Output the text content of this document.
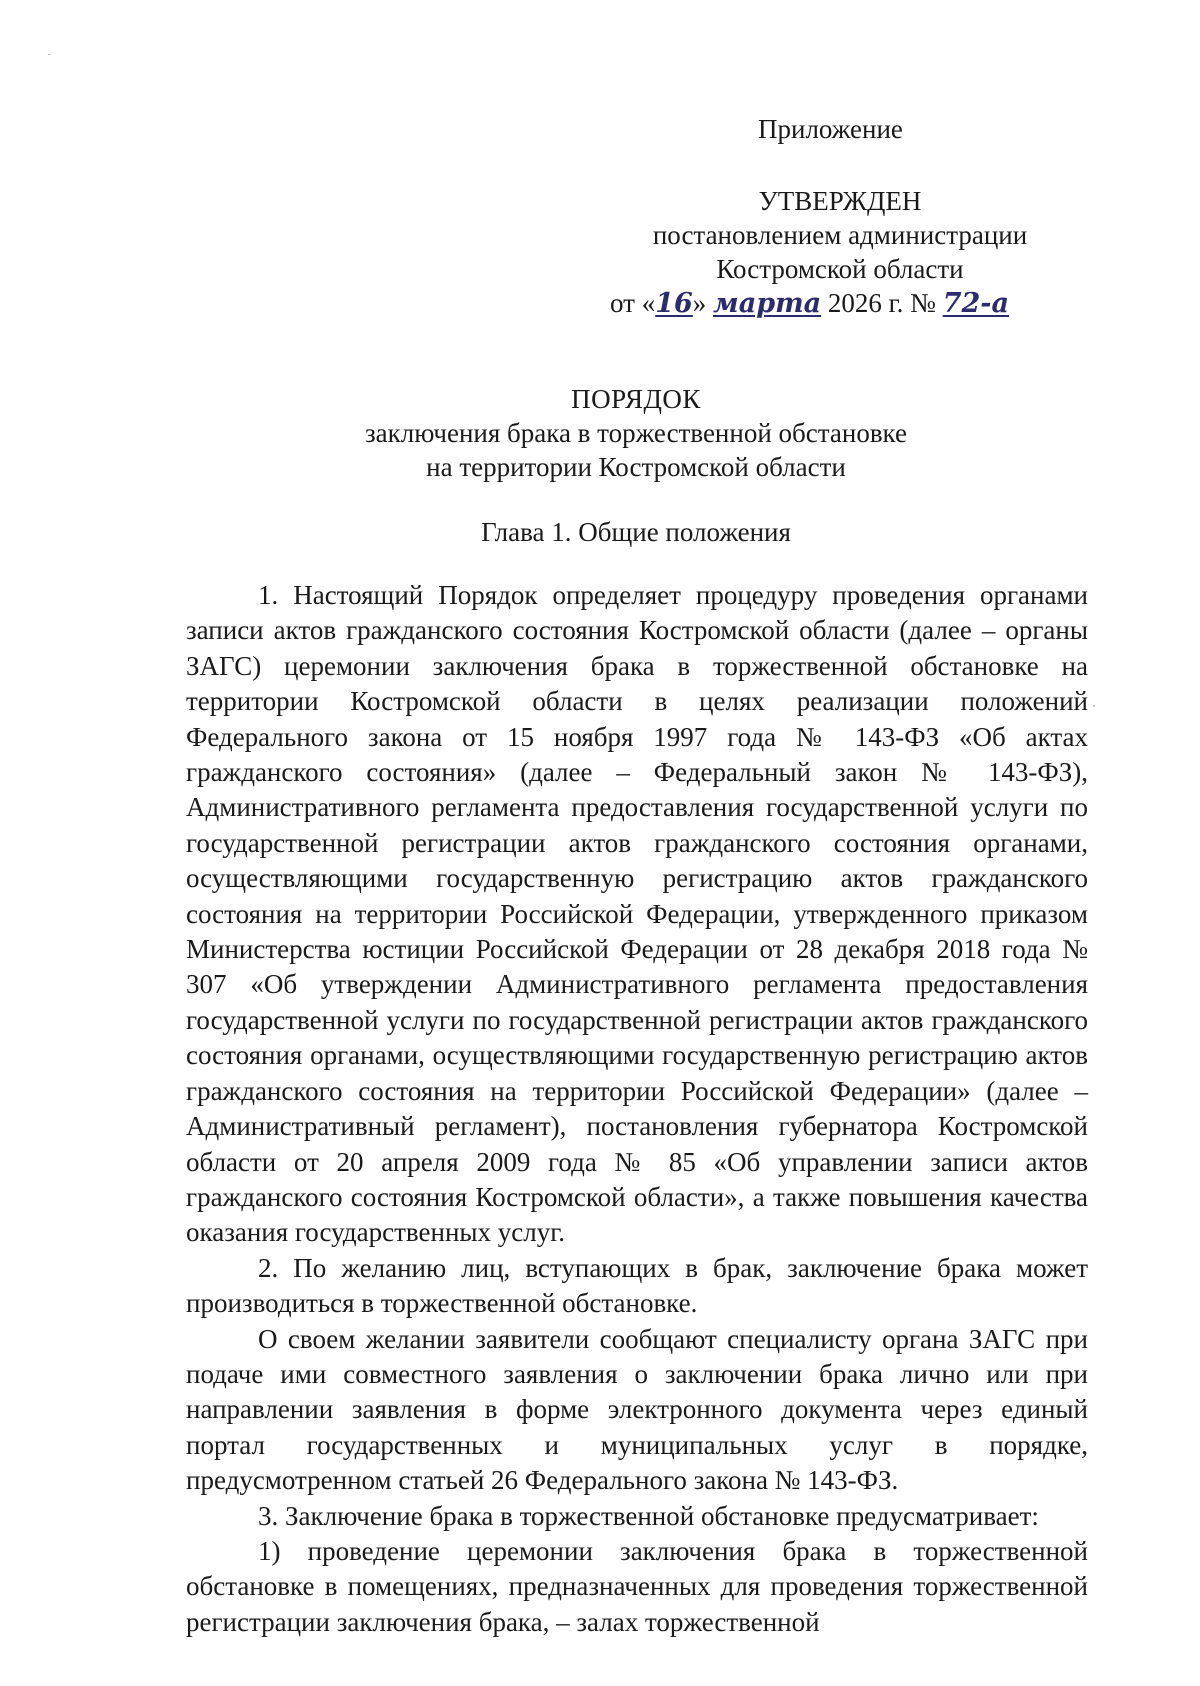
Приложение
УТВЕРЖДЕН
постановлением администрации
Костромской области
от «16» марта 2026 г. № 72-а
ПОРЯДОК
заключения брака в торжественной обстановке
на территории Костромской области
Глава 1. Общие положения

1. Настоящий Порядок определяет процедуру проведения органами записи актов гражданского состояния Костромской области (далее – органы ЗАГС) церемонии заключения брака в торжественной обстановке на территории Костромской области в целях реализации положений Федерального закона от 15 ноября 1997 года № 143-ФЗ «Об актах гражданского состояния» (далее – Федеральный закон № 143-ФЗ), Административного регламента предоставления государственной услуги по государственной регистрации актов гражданского состояния органами, осуществляющими государственную регистрацию актов гражданского состояния на территории Российской Федерации, утвержденного приказом Министерства юстиции Российской Федерации от 28 декабря 2018 года № 307 «Об утверждении Административного регламента предоставления государственной услуги по государственной регистрации актов гражданского состояния органами, осуществляющими государственную регистрацию актов гражданского состояния на территории Российской Федерации» (далее – Административный регламент), постановления губернатора Костромской области от 20 апреля 2009 года № 85 «Об управлении записи актов гражданского состояния Костромской области», а также повышения качества оказания государственных услуг.

2. По желанию лиц, вступающих в брак, заключение брака может производиться в торжественной обстановке.

О своем желании заявители сообщают специалисту органа ЗАГС при подаче ими совместного заявления о заключении брака лично или при направлении заявления в форме электронного документа через единый портал государственных и муниципальных услуг в порядке, предусмотренном статьей 26 Федерального закона № 143-ФЗ.

3. Заключение брака в торжественной обстановке предусматривает:

1) проведение церемонии заключения брака в торжественной обстановке в помещениях, предназначенных для проведения торжественной регистрации заключения брака, – залах торжественной
